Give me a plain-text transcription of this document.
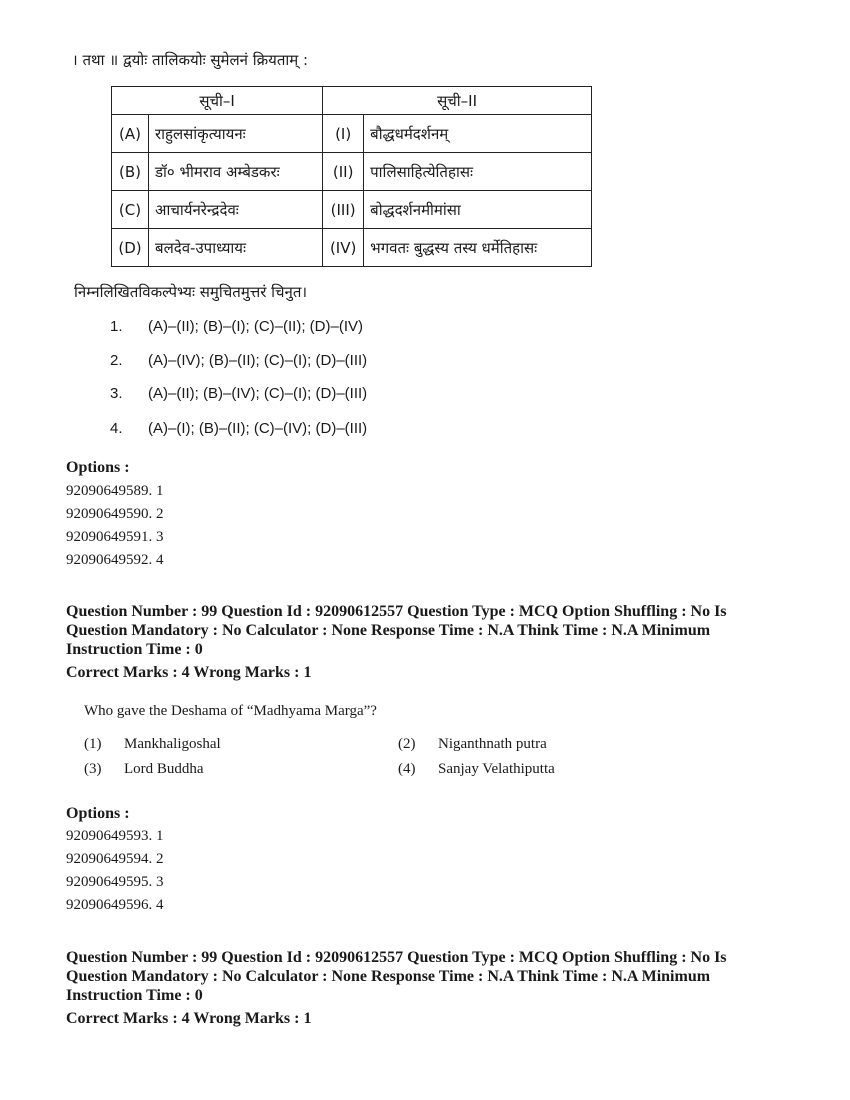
। तथा ॥ द्वयोः तालिकयोः सुमेलनं क्रियताम् :
सूची–I		सूची–II	
(A)	राहुलसांकृत्यायनः	(I)	बौद्धधर्मदर्शनम्
(B)	डॉ० भीमराव अम्बेडकरः	(II)	पालिसाहित्येतिहासः
(C)	आचार्यनरेन्द्रदेवः	(III)	बोद्धदर्शनमीमांसा
(D)	बलदेव-उपाध्यायः	(IV)	भगवतः बुद्धस्य तस्य धर्मेतिहासः
निम्नलिखितविकल्पेभ्यः समुचितमुत्तरं चिनुत।
1. (A)–(II); (B)–(I); (C)–(II); (D)–(IV)
2. (A)–(IV); (B)–(II); (C)–(I); (D)–(III)
3. (A)–(II); (B)–(IV); (C)–(I); (D)–(III)
4. (A)–(I); (B)–(II); (C)–(IV); (D)–(III)
Options :
92090649589. 1
92090649590. 2
92090649591. 3
92090649592. 4
Question Number : 99 Question Id : 92090612557 Question Type : MCQ Option Shuffling : No Is
Question Mandatory : No Calculator : None Response Time : N.A Think Time : N.A Minimum
Instruction Time : 0
Correct Marks : 4 Wrong Marks : 1
Who gave the Deshama of “Madhyama Marga”?
(1) Mankhaligoshal	(2) Niganthnath putra
(3) Lord Buddha	(4) Sanjay Velathiputta
Options :
92090649593. 1
92090649594. 2
92090649595. 3
92090649596. 4
Question Number : 99 Question Id : 92090612557 Question Type : MCQ Option Shuffling : No Is
Question Mandatory : No Calculator : None Response Time : N.A Think Time : N.A Minimum
Instruction Time : 0
Correct Marks : 4 Wrong Marks : 1
